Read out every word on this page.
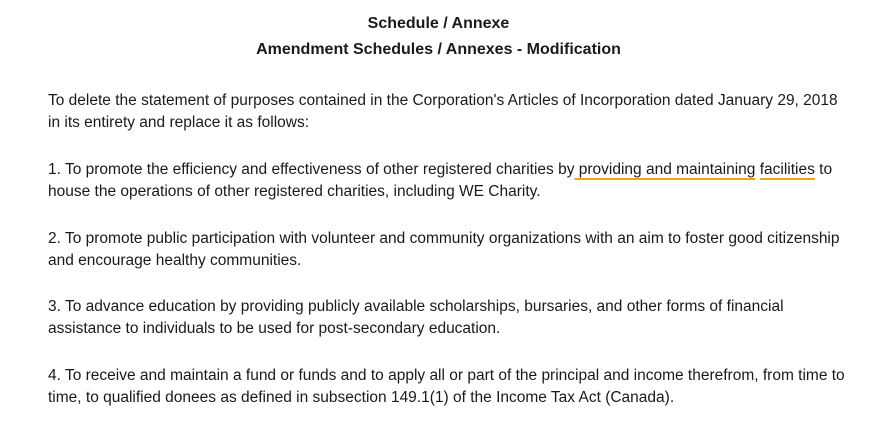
Schedule / Annexe
Amendment Schedules / Annexes - Modification

To delete the statement of purposes contained in the Corporation's Articles of Incorporation dated January 29, 2018 in its entirety and replace it as follows:

1. To promote the efficiency and effectiveness of other registered charities by providing and maintaining facilities to house the operations of other registered charities, including WE Charity.

2. To promote public participation with volunteer and community organizations with an aim to foster good citizenship and encourage healthy communities.

3. To advance education by providing publicly available scholarships, bursaries, and other forms of financial assistance to individuals to be used for post-secondary education.

4. To receive and maintain a fund or funds and to apply all or part of the principal and income therefrom, from time to time, to qualified donees as defined in subsection 149.1(1) of the Income Tax Act (Canada).
